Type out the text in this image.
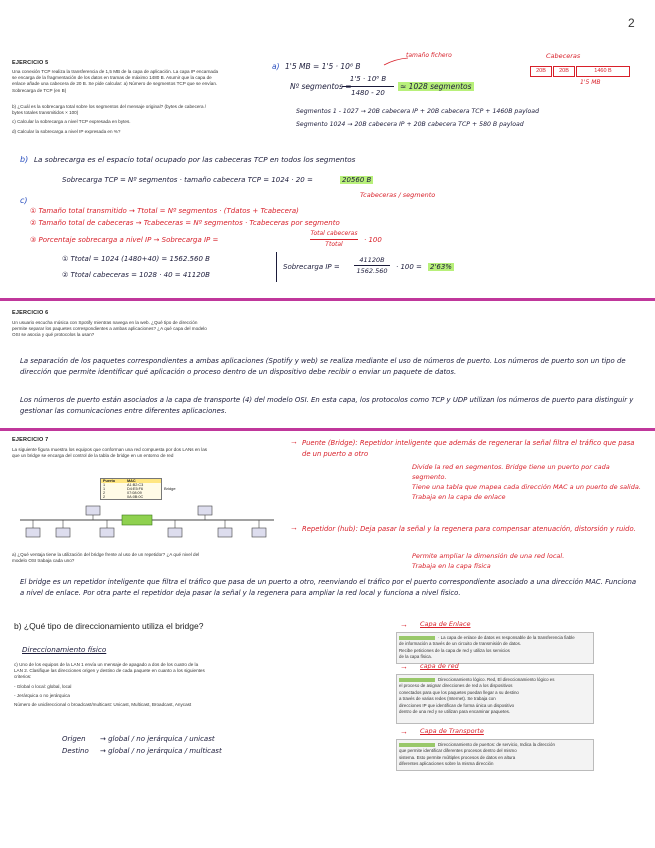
2
EJERCICIO 5
Una conexión TCP realiza la transferencia de 1,5 MB de la capa de aplicación. La capa IP encarnada
se encarga de la fragmentación de los datos en tramas de máximo 1480 B. Asumir que la capa de
enlace añade una cabecera de 20 B. Se pide calcular: a) Número de segmentos TCP que se envían.
Sobrecarga de TCP (en B)
b) ¿Cuál es la sobrecarga total sobre los segmentos del mensaje original? (bytes de cabecera /
bytes totales transmitidos × 100)
c) Calcular la sobrecarga a nivel TCP expresada en bytes.
d) Calcular la sobrecarga a nivel IP expresada en %?
a) 1'5 MB = 1'5 · 10⁶ B
tamaño fichero
Nº segmentos =
1'5 · 10⁶ B
1480 - 20
≈ 1028 segmentos
Cabeceras
20B	20B	1460 B
1'5 MB
Segmentos 1 - 1027 → 20B cabecera IP + 20B cabecera TCP + 1460B payload
Segmento 1024 → 20B cabecera IP + 20B cabecera TCP + 580 B payload
b) La sobrecarga es el espacio total ocupado por las cabeceras TCP en todos los segmentos
Sobrecarga TCP = Nº segmentos · tamaño cabecera TCP = 1024 · 20 =	20560 B
c)
Tcabeceras / segmento
① Tamaño total transmitido → Ttotal = Nº segmentos · (Tdatos + Tcabecera)
② Tamaño total de cabeceras → Tcabeceras = Nº segmentos · Tcabeceras por segmento
③ Porcentaje sobrecarga a nivel IP → Sobrecarga IP =
Total cabeceras
Ttotal
· 100
① Ttotal = 1024 (1480+40) = 1562.560 B
② Ttotal cabeceras = 1028 · 40 = 41120B
Sobrecarga IP =
41120B
1562.560	· 100 = 2'63%
EJERCICIO 6
Un usuario escucha música con Spotify mientras navega en la web. ¿Qué tipo de dirección
permite separar los paquetes correspondientes a ambas aplicaciones? ¿A qué capa del modelo
OSI se asocia y qué protocolos la usan?
La separación de los paquetes correspondientes a ambas aplicaciones (Spotify y web) se realiza mediante el uso de números de puerto. Los números de puerto son un tipo de dirección que permite identificar qué aplicación o proceso dentro de un dispositivo debe recibir o enviar un paquete de datos.
Los números de puerto están asociados a la capa de transporte (4) del modelo OSI. En esta capa, los protocolos como TCP y UDP utilizan los números de puerto para distinguir y gestionar las comunicaciones entre diferentes aplicaciones.
EJERCICIO 7
La siguiente figura muestra los equipos que conforman una red compuesta por dos LANs en las
que un bridge se encarga del control de la tabla de bridge en un entorno de red
Puerto	MAC
1	A1:B2:C3
1	D4:E5:F6
2	07:08:09
2	0A:0B:0C
Bridge
a) ¿Qué ventaja tiene la utilización del bridge frente al uso de un repetidor? ¿A qué nivel del
modelo OSI trabaja cada uno?
→ Puente (Bridge): Repetidor inteligente que además de regenerar la señal filtra el tráfico que pasa de un puerto a otro
Divide la red en segmentos. Bridge tiene un puerto por cada segmento.
Tiene una tabla que mapea cada dirección MAC a un puerto de salida.
Trabaja en la capa de enlace
→ Repetidor (hub): Deja pasar la señal y la regenera para compensar atenuación, distorsión y ruido.
Permite ampliar la dimensión de una red local.
Trabaja en la capa física
El bridge es un repetidor inteligente que filtra el tráfico que pasa de un puerto a otro, reenviando el tráfico por el puerto correspondiente asociado a una dirección MAC. Funciona a nivel de enlace. Por otra parte el repetidor deja pasar la señal y la regenera para ampliar la red local y funciona a nivel físico.
b) ¿Qué tipo de direccionamiento utiliza el bridge?
Direccionamiento físico
c) Uno de los equipos de la LAN 1 envía un mensaje de apagado a dos de los cuatro de la
LAN 2. Clasifique las direcciones origen y destino de cada paquete en cuanto a los siguientes
criterios:
- Global o local: global, local
- Jerárquica o no jerárquica
Número de unidireccional o broadcast/multicast: Unicast, Multicast, Broadcast, Anycast
Origen	→ global / no jerárquica / unicast
Destino	→ global / no jerárquica / multicast
→ Capa de Enlace
· La capa de enlace de datos es responsable de la transferencia fiable
de información a través de un circuito de transmisión de datos.
Recibe peticiones de la capa de red y utiliza los servicios
de la capa física.
→ capa de red
Direccionamiento lógico. Red, El direccionamiento lógico es
el proceso de asignar direcciones de red a los dispositivos
conectados para que los paquetes puedan llegar a su destino
a través de varias redes (Internet). Se trabaja con
direcciones IP que identifican de forma única un dispositivo
dentro de una red y se utilizan para encaminar paquetes.
→ Capa de Transporte
Direccionamiento de puertos: de servicio, Indica la dirección
que permite identificar diferentes procesos dentro del mismo
sistema. Esto permite múltiples procesos de datos en altura
diferentes aplicaciones sobre la misma dirección
